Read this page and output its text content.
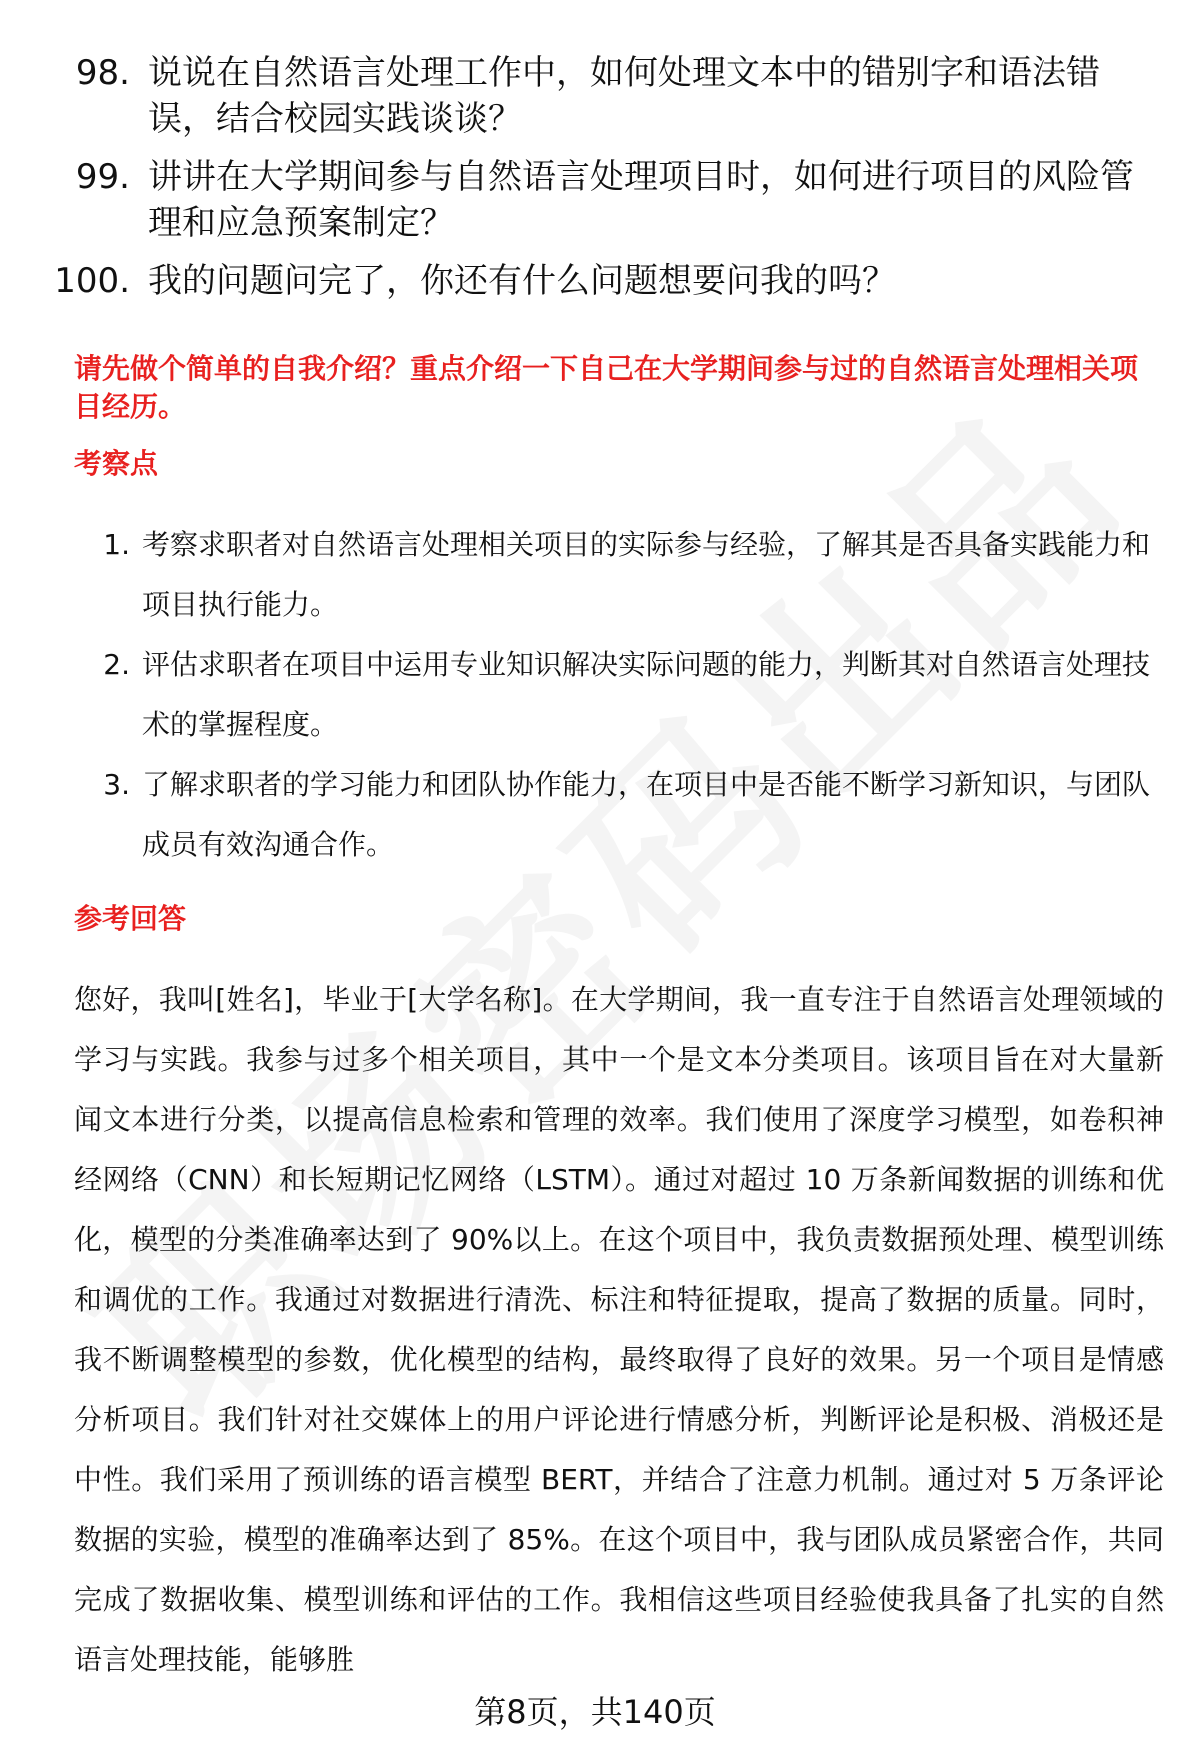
98. 说说在自然语言处理工作中，如何处理文本中的错别字和语法错误，结合校园实践谈谈？
99. 讲讲在大学期间参与自然语言处理项目时，如何进行项目的风险管理和应急预案制定？
100. 我的问题问完了，你还有什么问题想要问我的吗？
请先做个简单的自我介绍？重点介绍一下自己在大学期间参与过的自然语言处理相关项目经历。
考察点
1. 考察求职者对自然语言处理相关项目的实际参与经验，了解其是否具备实践能力和项目执行能力。
2. 评估求职者在项目中运用专业知识解决实际问题的能力，判断其对自然语言处理技术的掌握程度。
3. 了解求职者的学习能力和团队协作能力，在项目中是否能不断学习新知识，与团队成员有效沟通合作。
参考回答

您好，我叫[姓名]，毕业于[大学名称]。在大学期间，我一直专注于自然语言处理领域的学习与实践。我参与过多个相关项目，其中一个是文本分类项目。该项目旨在对大量新闻文本进行分类，以提高信息检索和管理的效率。我们使用了深度学习模型，如卷积神经网络（CNN）和长短期记忆网络（LSTM）。通过对超过 10 万条新闻数据的训练和优化，模型的分类准确率达到了 90%以上。在这个项目中，我负责数据预处理、模型训练和调优的工作。我通过对数据进行清洗、标注和特征提取，提高了数据的质量。同时，我不断调整模型的参数，优化模型的结构，最终取得了良好的效果。另一个项目是情感分析项目。我们针对社交媒体上的用户评论进行情感分析，判断评论是积极、消极还是中性。我们采用了预训练的语言模型 BERT，并结合了注意力机制。通过对 5 万条评论数据的实验，模型的准确率达到了 85%。在这个项目中，我与团队成员紧密合作，共同完成了数据收集、模型训练和评估的工作。我相信这些项目经验使我具备了扎实的自然语言处理技能，能够胜

第8页，共140页
